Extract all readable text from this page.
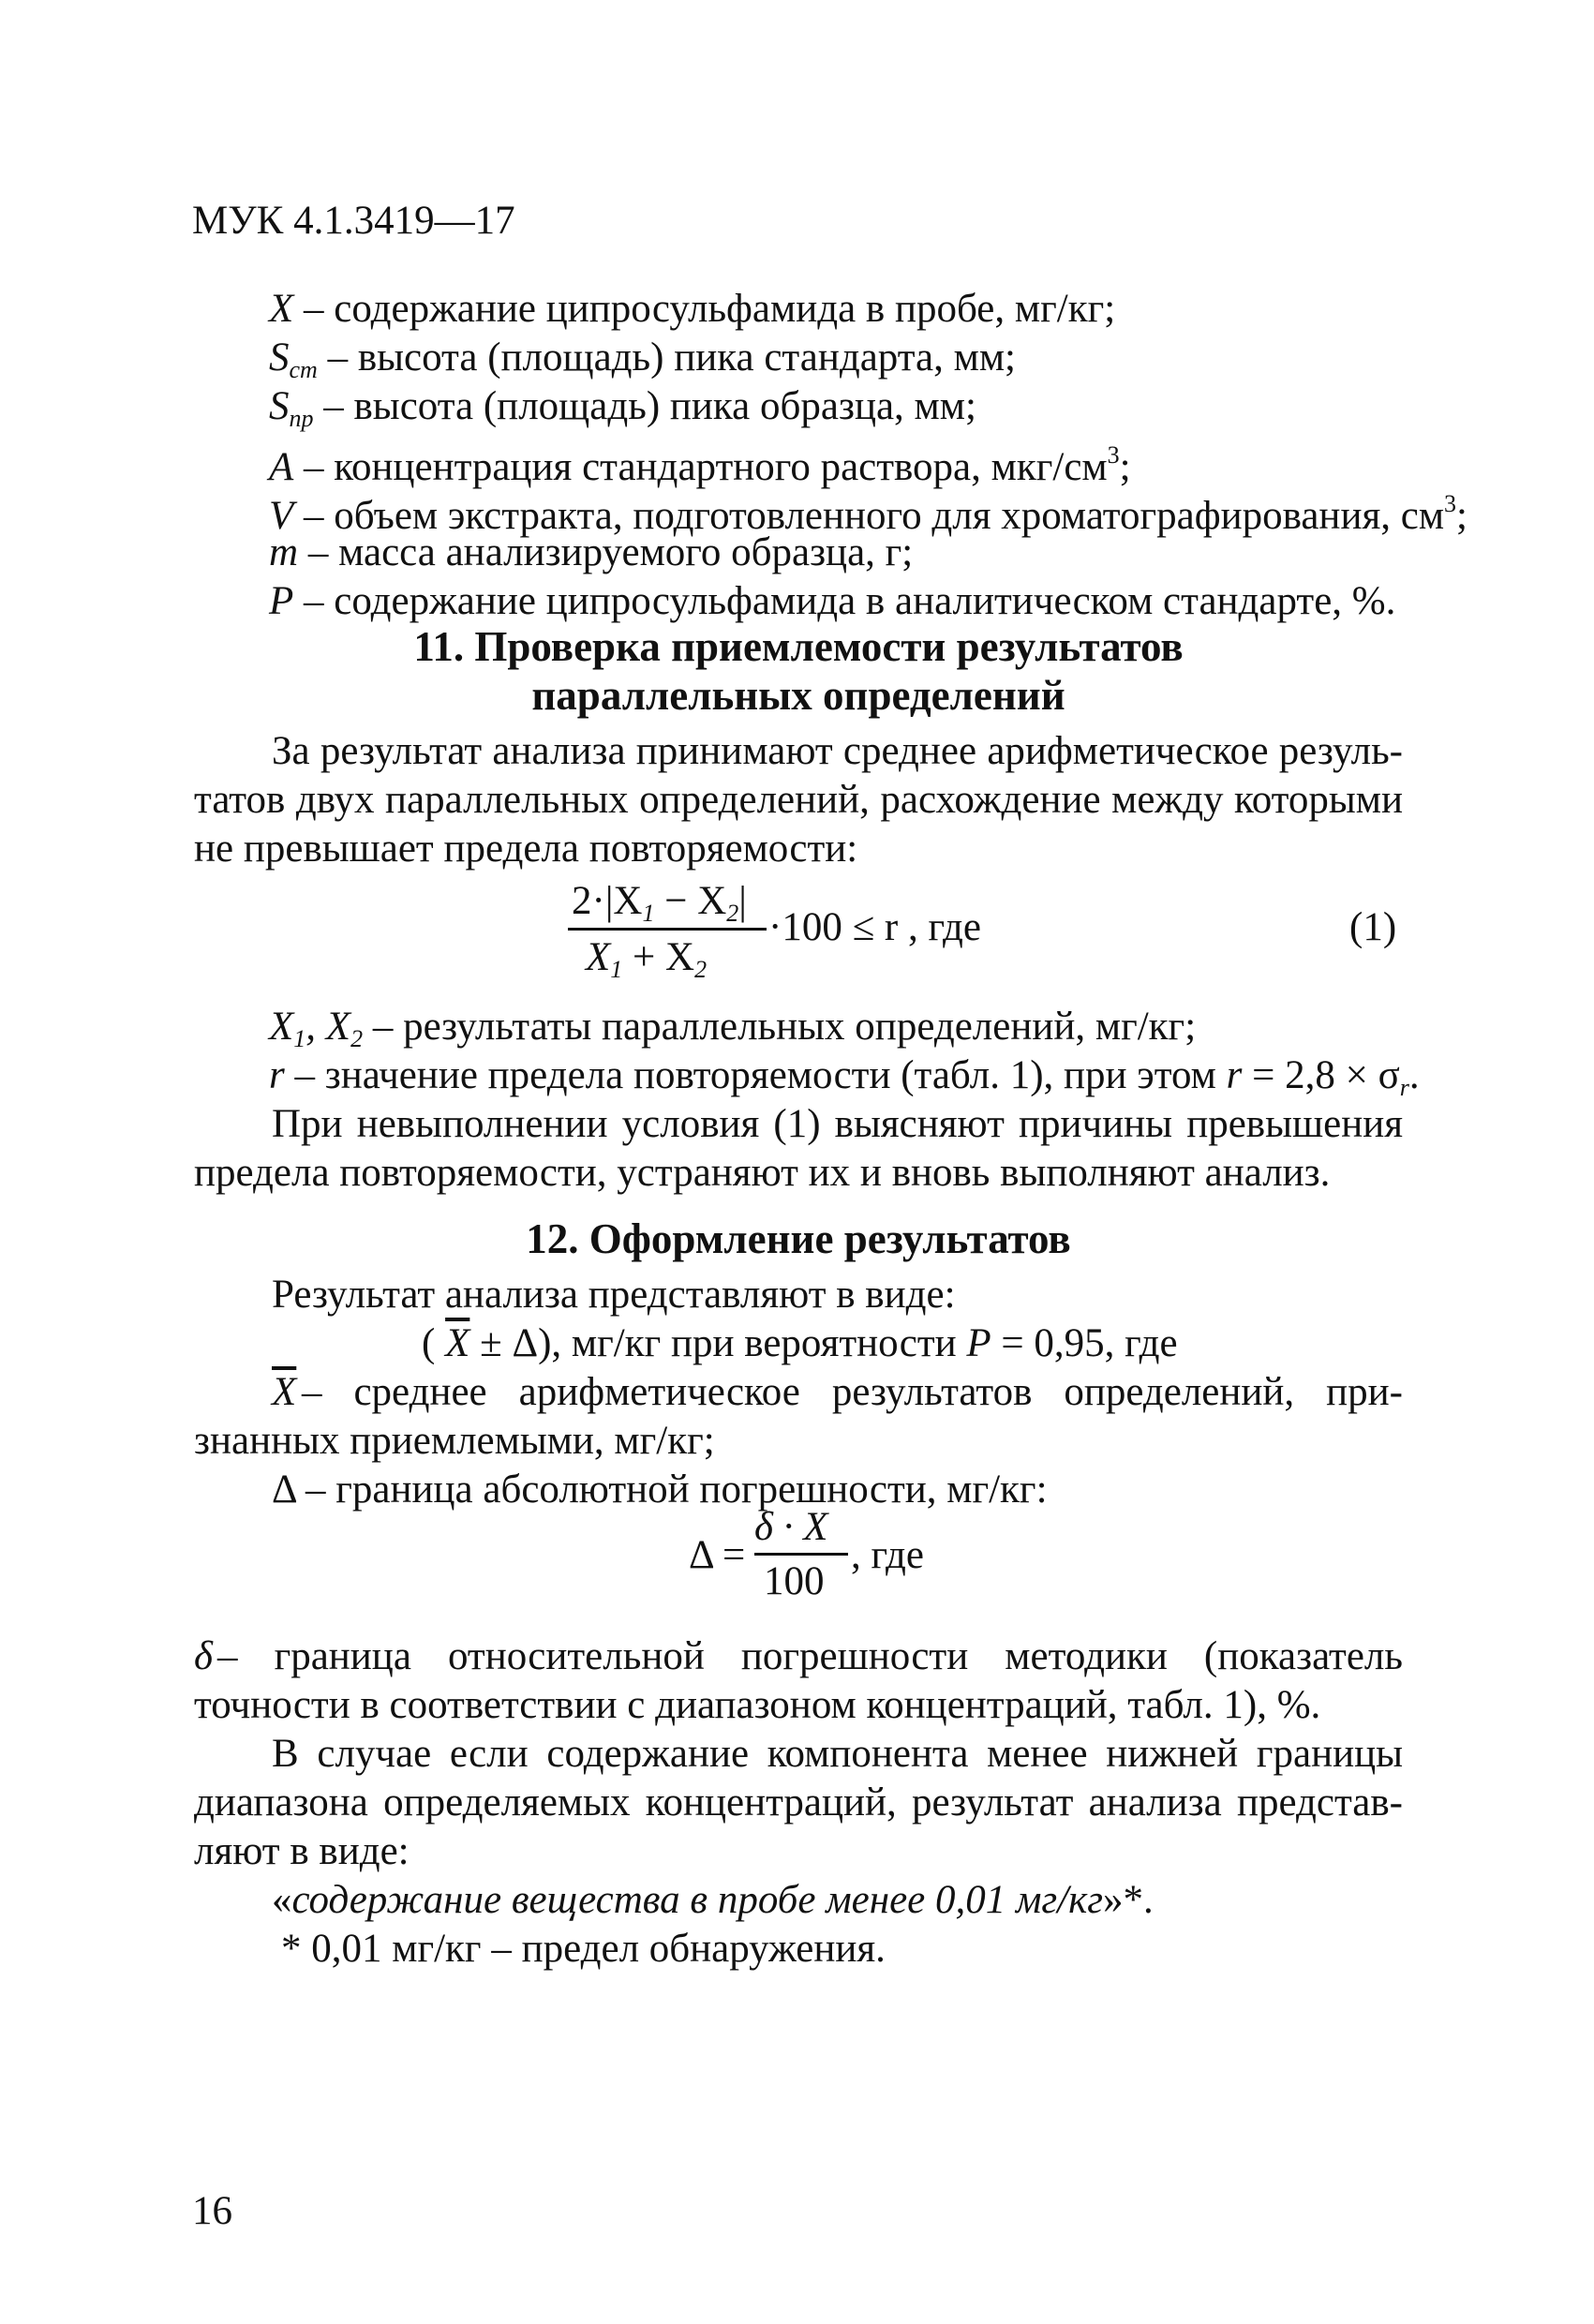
МУК 4.1.3419—17
X – содержание ципросульфамида в пробе, мг/кг;
$S_{cm}$ – высота (площадь) пика стандарта, мм;
$S_{np}$ – высота (площадь) пика образца, мм;
A – концентрация стандартного раствора, мкг/$см^3$;
V – объем экстракта, подготовленного для хроматографирования, $см^3$;
m – масса анализируемого образца, г;
P – содержание ципросульфамида в аналитическом стандарте, %.
11. Проверка приемлемости результатов
параллельных определений
За результат анализа принимают среднее арифметическое резуль-
татов двух параллельных определений, расхождение между которыми
не превышает предела повторяемости:
$2\cdot|X_1 - X_2|$
$X_1 + X_2$
·100 ≤ r , где	(1)
$X_1$, $X_2$ – результаты параллельных определений, мг/кг;
r – значение предела повторяемости (табл. 1), при этом $r = 2,8 \times \sigma_r$.
При невыполнении условия (1) выясняют причины превышения
предела повторяемости, устраняют их и вновь выполняют анализ.
12. Оформление результатов
Результат анализа представляют в виде:
( $\overline{X} \pm \Delta$), мг/кг при вероятности P = 0,95, где
$\overline{X}$ – среднее арифметическое результатов определений, при-
знанных приемлемыми, мг/кг;
Δ – граница абсолютной погрешности, мг/кг:
Δ =
δ · X
100
, где
δ – граница относительной погрешности методики (показатель
точности в соответствии с диапазоном концентраций, табл. 1), %.
В случае если содержание компонента менее нижней границы
диапазона определяемых концентраций, результат анализа представ-
ляют в виде:
«содержание вещества в пробе менее 0,01 мг/кг»*.
* 0,01 мг/кг – предел обнаружения.
16
